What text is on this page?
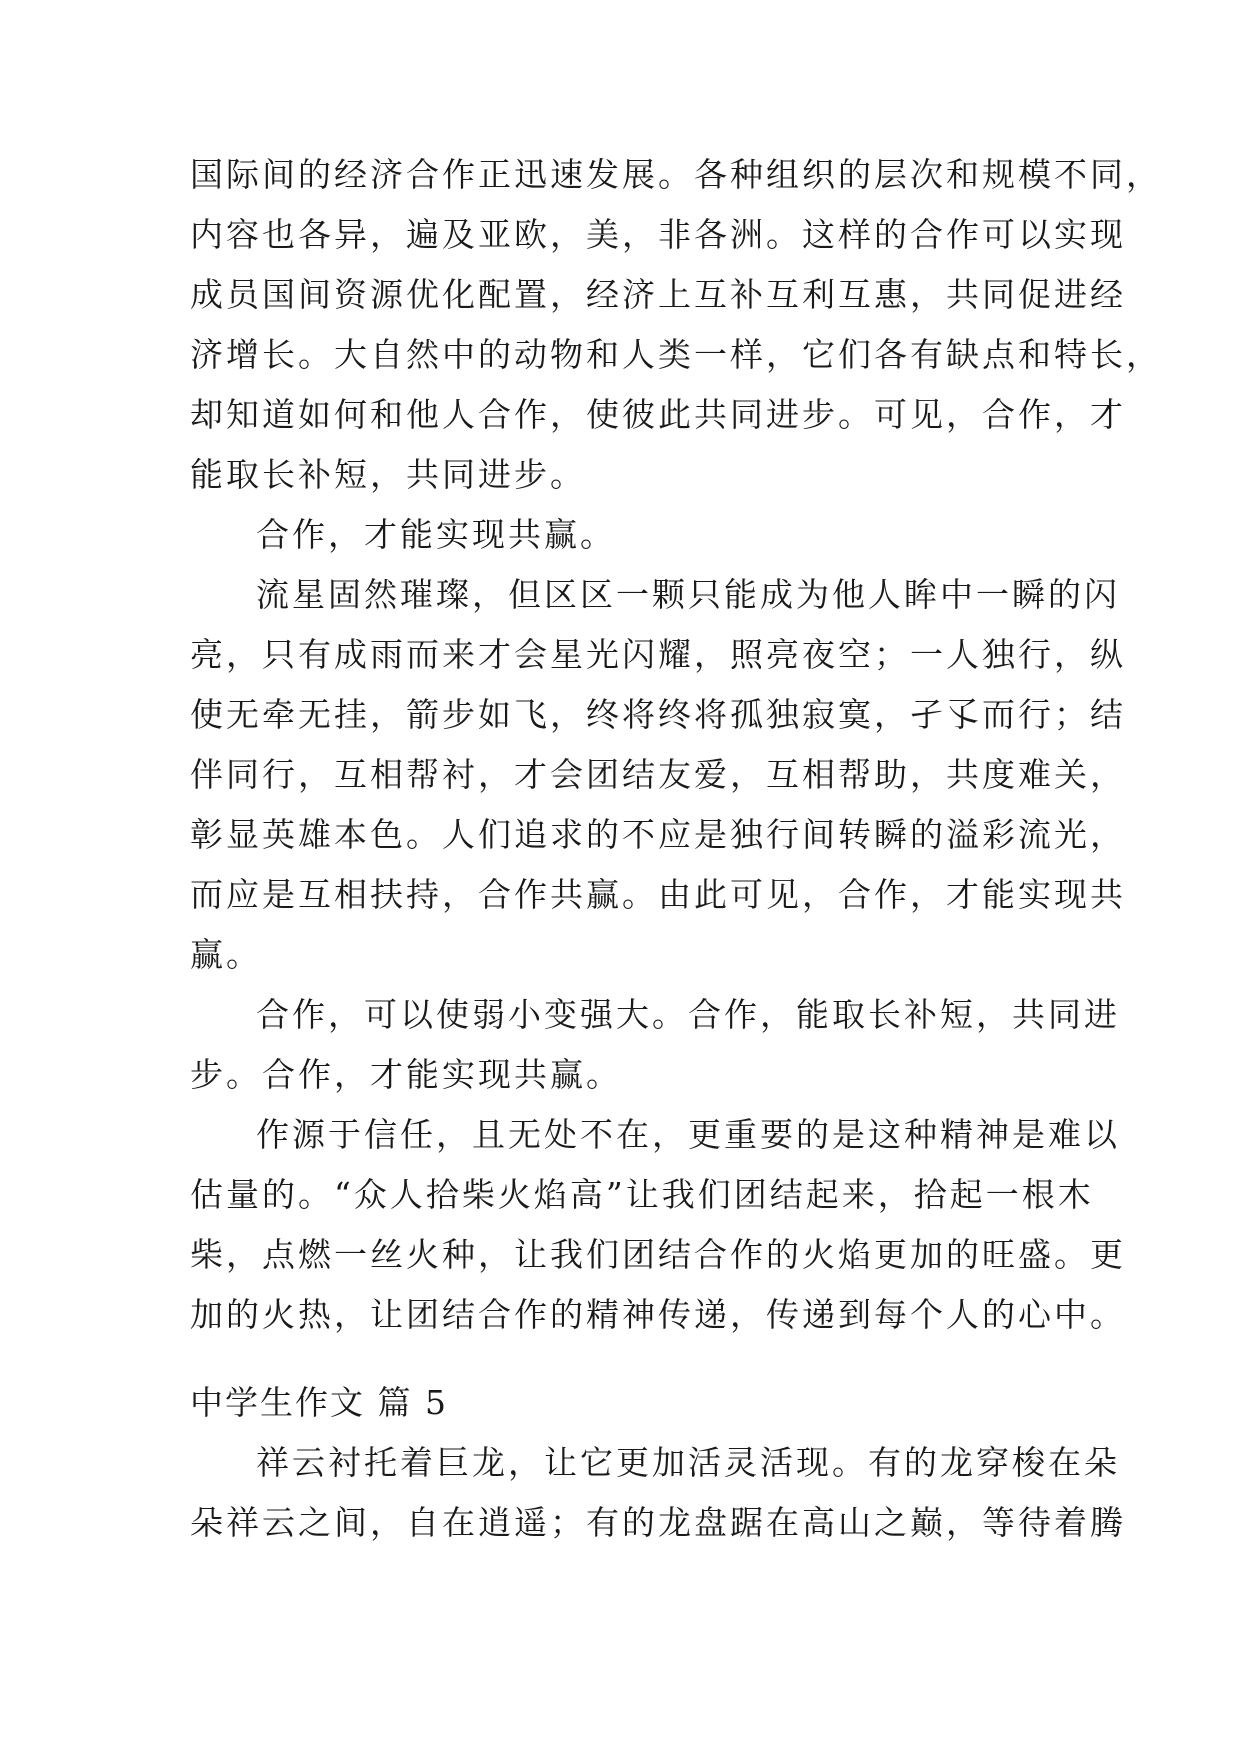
国际间的经济合作正迅速发展。各种组织的层次和规模不同，
内容也各异，遍及亚欧，美，非各洲。这样的合作可以实现
成员国间资源优化配置，经济上互补互利互惠，共同促进经
济增长。大自然中的动物和人类一样，它们各有缺点和特长，
却知道如何和他人合作，使彼此共同进步。可见，合作，才
能取长补短，共同进步。
合作，才能实现共赢。
流星固然璀璨，但区区一颗只能成为他人眸中一瞬的闪
亮，只有成雨而来才会星光闪耀，照亮夜空；一人独行，纵
使无牵无挂，箭步如飞，终将终将孤独寂寞，孑孓而行；结
伴同行，互相帮衬，才会团结友爱，互相帮助，共度难关，
彰显英雄本色。人们追求的不应是独行间转瞬的溢彩流光，
而应是互相扶持，合作共赢。由此可见，合作，才能实现共
赢。
合作，可以使弱小变强大。合作，能取长补短，共同进
步。合作，才能实现共赢。
作源于信任，且无处不在，更重要的是这种精神是难以
估量的。“众人拾柴火焰高”让我们团结起来，拾起一根木
柴，点燃一丝火种，让我们团结合作的火焰更加的旺盛。更
加的火热，让团结合作的精神传递，传递到每个人的心中。
中学生作文 篇 5
祥云衬托着巨龙，让它更加活灵活现。有的龙穿梭在朵
朵祥云之间，自在逍遥；有的龙盘踞在高山之巅，等待着腾
